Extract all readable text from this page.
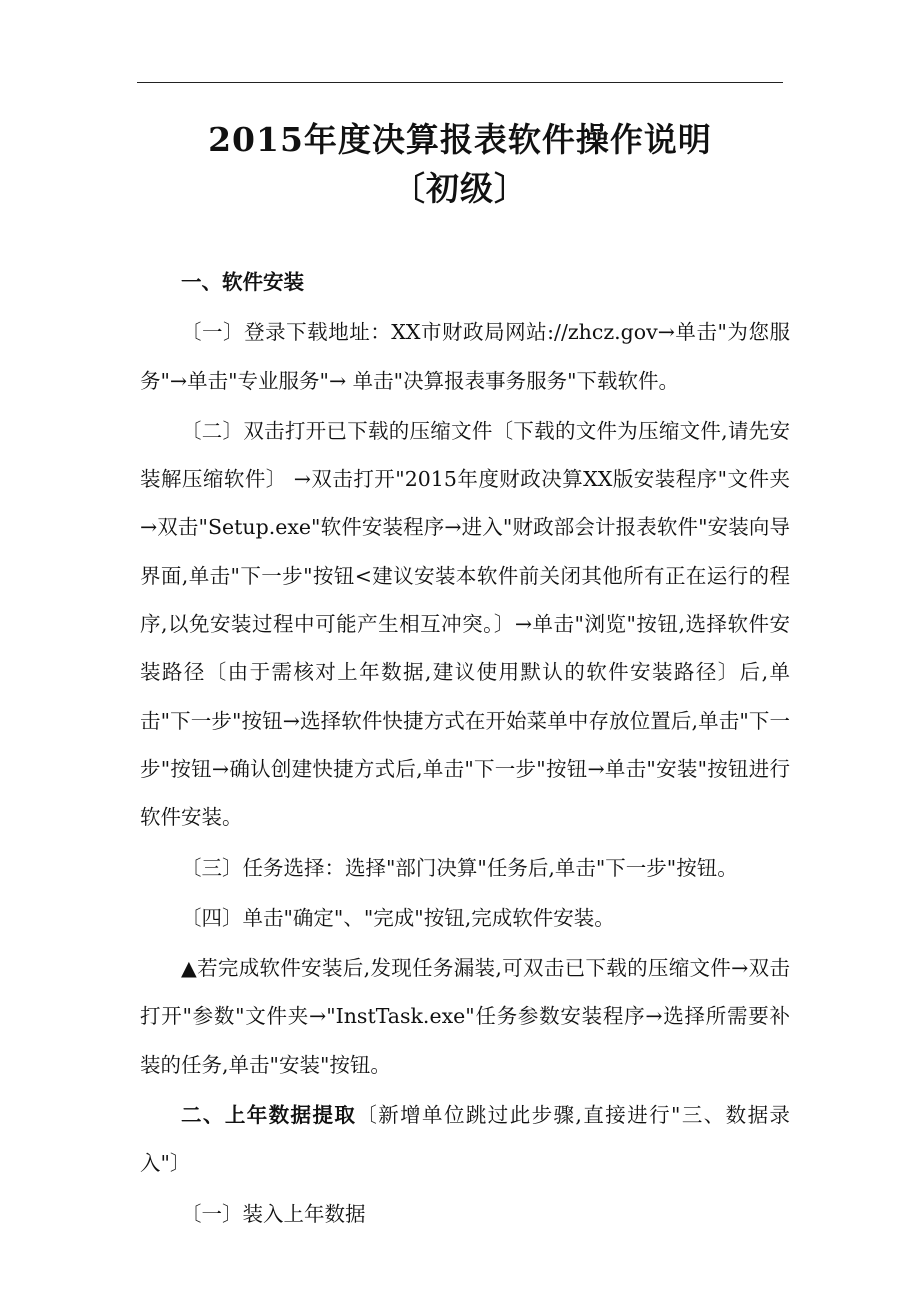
2015年度决算报表软件操作说明
〔初级〕

一、软件安装

〔一〕登录下载地址：XX市财政局网站://zhcz.gov→单击"为您服务"→单击"专业服务"→ 单击"决算报表事务服务"下载软件。

〔二〕双击打开已下载的压缩文件〔下载的文件为压缩文件,请先安装解压缩软件〕 →双击打开"2015年度财政决算XX版安装程序"文件夹→双击"Setup.exe"软件安装程序→进入"财政部会计报表软件"安装向导界面,单击"下一步"按钮<建议安装本软件前关闭其他所有正在运行的程序,以免安装过程中可能产生相互冲突。〕→单击"浏览"按钮,选择软件安装路径〔由于需核对上年数据,建议使用默认的软件安装路径〕后,单击"下一步"按钮→选择软件快捷方式在开始菜单中存放位置后,单击"下一步"按钮→确认创建快捷方式后,单击"下一步"按钮→单击"安装"按钮进行软件安装。

〔三〕任务选择：选择"部门决算"任务后,单击"下一步"按钮。

〔四〕单击"确定"、"完成"按钮,完成软件安装。

▲若完成软件安装后,发现任务漏装,可双击已下载的压缩文件→双击打开"参数"文件夹→"InstTask.exe"任务参数安装程序→选择所需要补装的任务,单击"安装"按钮。

二、上年数据提取〔新增单位跳过此步骤,直接进行"三、数据录入"〕

〔一〕装入上年数据
